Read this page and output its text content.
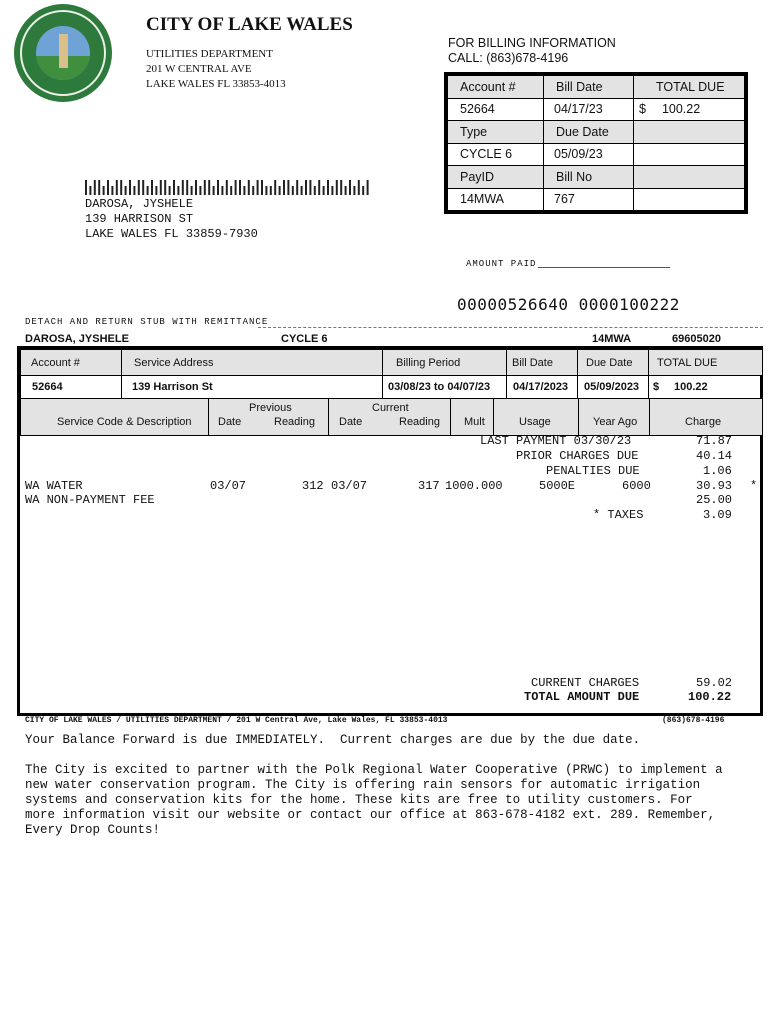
CITY OF LAKE WALES
UTILITIES DEPARTMENT
201 W CENTRAL AVE
LAKE WALES FL 33853-4013
FOR BILLING INFORMATION
CALL: (863)678-4196
Account #	Bill Date	TOTAL DUE
52664	04/17/23	$ 100.22
Type	Due Date	
CYCLE 6	05/09/23	
PayID	Bill No	
14MWA	767	
DAROSA, JYSHELE
139 HARRISON ST
LAKE WALES FL 33859-7930
AMOUNT PAID
00000526640 0000100222
DETACH AND RETURN STUB WITH REMITTANCE
DAROSA, JYSHELE	CYCLE 6	14MWA	69605020
Account #	Service Address	Billing Period	Bill Date	Due Date TOTAL DUE
52664	139 Harrison St	03/08/23 to 04/07/23 04/17/2023 05/09/2023 $ 100.22
Service Code & Description
Previous
Date	Reading
Current
Date	Reading Mult	Usage	Year Ago	Charge
LAST PAYMENT 03/30/23	71.87
PRIOR CHARGES DUE	40.14
PENALTIES DUE	1.06
WA WATER	03/07	312 03/07	317 1000.000	5000E	6000	30.93 *
WA NON-PAYMENT FEE	25.00
* TAXES	3.09
CURRENT CHARGES	59.02
TOTAL AMOUNT DUE	100.22
CITY OF LAKE WALES / UTILITIES DEPARTMENT / 201 W Central Ave, Lake Wales, FL 33853-4013	(863)678-4196
Your Balance Forward is due IMMEDIATELY.  Current charges are due by the due date.
The City is excited to partner with the Polk Regional Water Cooperative (PRWC) to implement a
new water conservation program. The City is offering rain sensors for automatic irrigation
systems and conservation kits for the home. These kits are free to utility customers. For
more information visit our website or contact our office at 863-678-4182 ext. 289. Remember,
Every Drop Counts!
